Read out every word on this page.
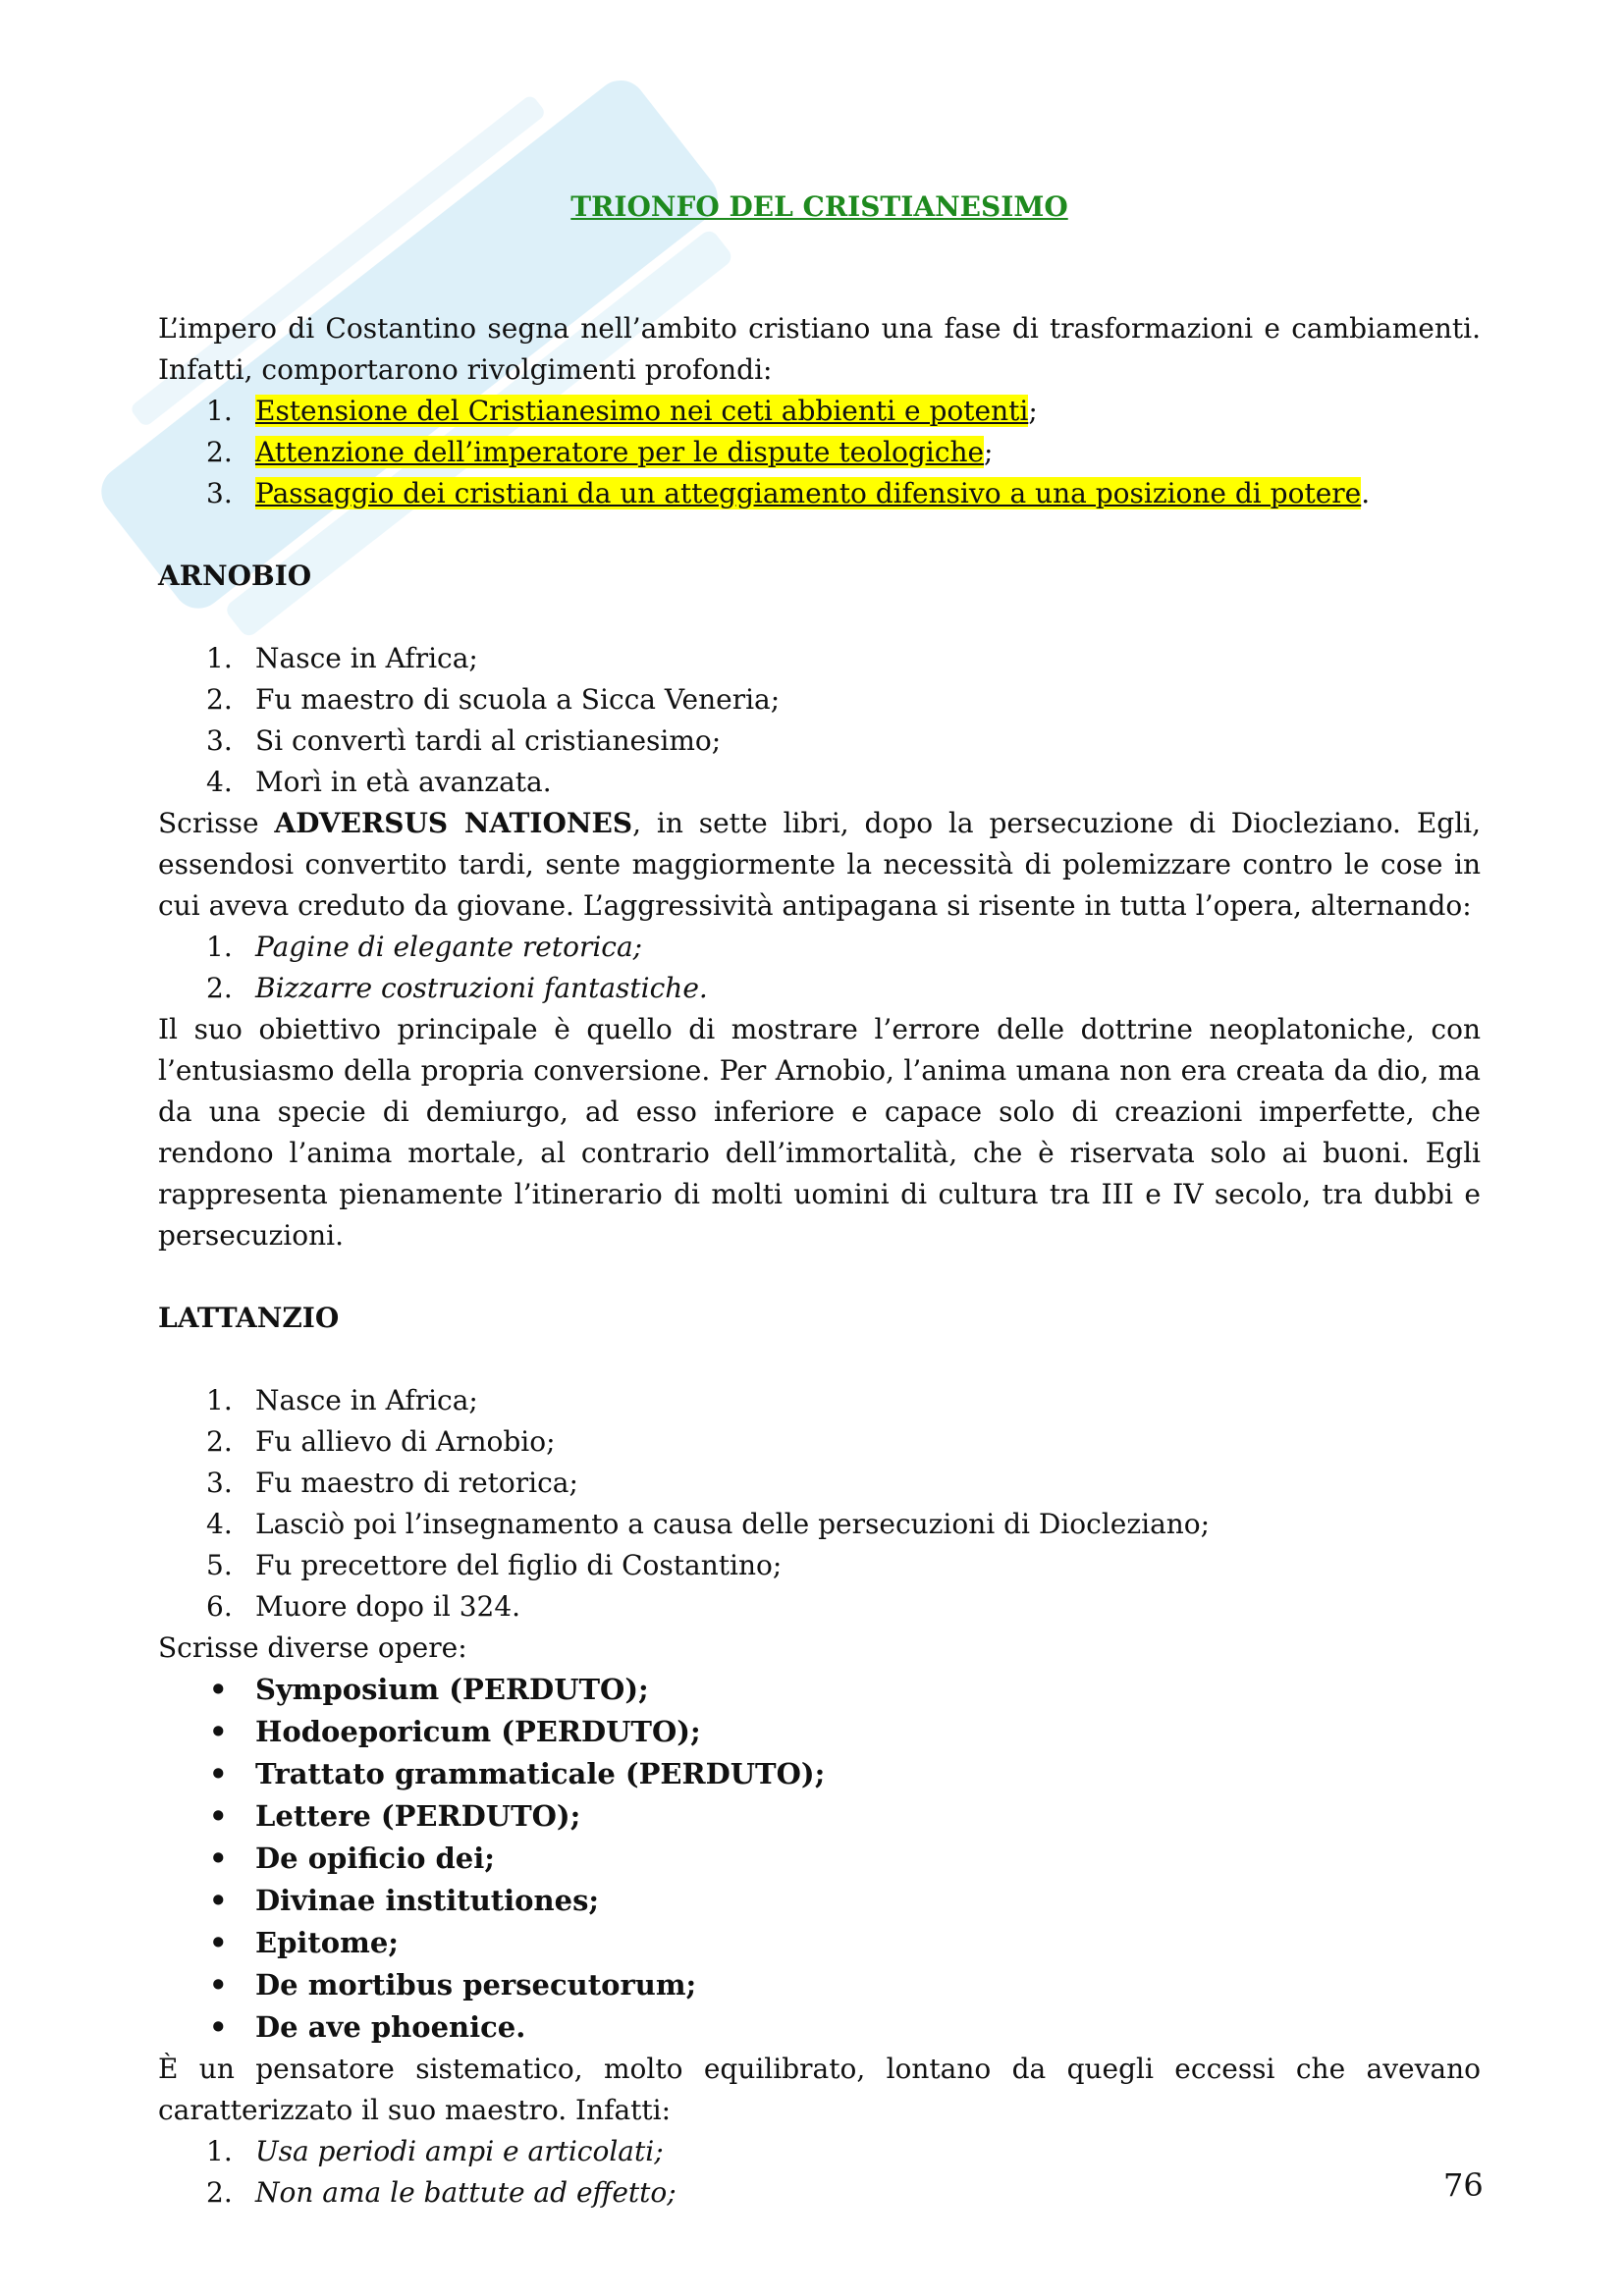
TRIONFO DEL CRISTIANESIMO

L’impero di Costantino segna nell’ambito cristiano una fase di trasformazioni e cambiamenti. Infatti, comportarono rivolgimenti profondi:

1. Estensione del Cristianesimo nei ceti abbienti e potenti;
2. Attenzione dell’imperatore per le dispute teologiche;
3. Passaggio dei cristiani da un atteggiamento difensivo a una posizione di potere.
ARNOBIO
1. Nasce in Africa;
2. Fu maestro di scuola a Sicca Veneria;
3. Si convertì tardi al cristianesimo;
4. Morì in età avanzata.

Scrisse ADVERSUS NATIONES, in sette libri, dopo la persecuzione di Diocleziano. Egli, essendosi convertito tardi, sente maggiormente la necessità di polemizzare contro le cose in cui aveva creduto da giovane. L’aggressività antipagana si risente in tutta l’opera, alternando:

1. Pagine di elegante retorica;
2. Bizzarre costruzioni fantastiche.

Il suo obiettivo principale è quello di mostrare l’errore delle dottrine neoplatoniche, con l’entusiasmo della propria conversione. Per Arnobio, l’anima umana non era creata da dio, ma da una specie di demiurgo, ad esso inferiore e capace solo di creazioni imperfette, che rendono l’anima mortale, al contrario dell’immortalità, che è riservata solo ai buoni. Egli rappresenta pienamente l’itinerario di molti uomini di cultura tra III e IV secolo, tra dubbi e persecuzioni.

LATTANZIO
1. Nasce in Africa;
2. Fu allievo di Arnobio;
3. Fu maestro di retorica;
4. Lasciò poi l’insegnamento a causa delle persecuzioni di Diocleziano;
5. Fu precettore del figlio di Costantino;
6. Muore dopo il 324.

Scrisse diverse opere:

• Symposium (PERDUTO);
• Hodoeporicum (PERDUTO);
• Trattato grammaticale (PERDUTO);
• Lettere (PERDUTO);
• De opificio dei;
• Divinae institutiones;
• Epitome;
• De mortibus persecutorum;
• De ave phoenice.

È un pensatore sistematico, molto equilibrato, lontano da quegli eccessi che avevano caratterizzato il suo maestro. Infatti:

1. Usa periodi ampi e articolati;
2. Non ama le battute ad effetto;	76
